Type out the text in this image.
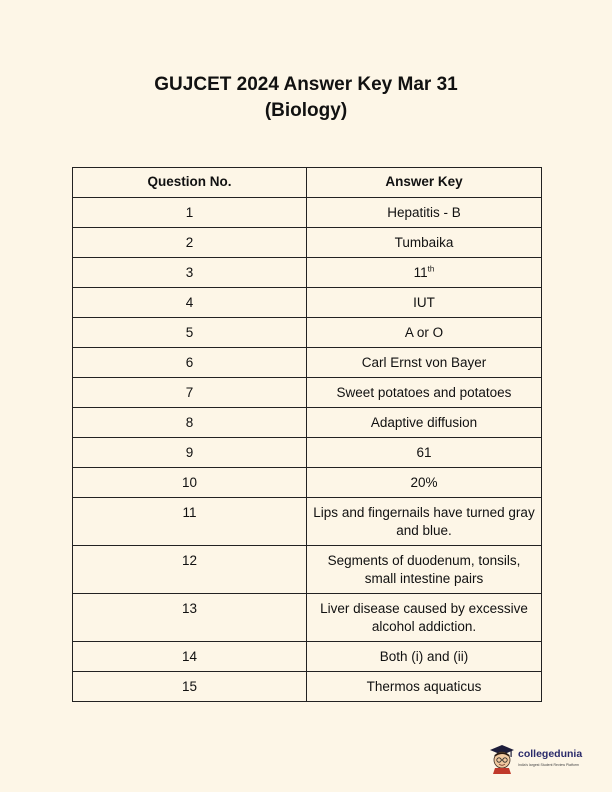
GUJCET 2024 Answer Key Mar 31
(Biology)
Question No.	Answer Key
1	Hepatitis - B
2	Tumbaika
3	11th
4	IUT
5	A or O
6	Carl Ernst von Bayer
7	Sweet potatoes and potatoes
8	Adaptive diffusion
9	61
10	20%
11	Lips and fingernails have turned gray and blue.
12	Segments of duodenum, tonsils, small intestine pairs
13	Liver disease caused by excessive alcohol addiction.
14	Both (i) and (ii)
15	Thermos aquaticus
collegedunia
India's largest Student Review Platform
